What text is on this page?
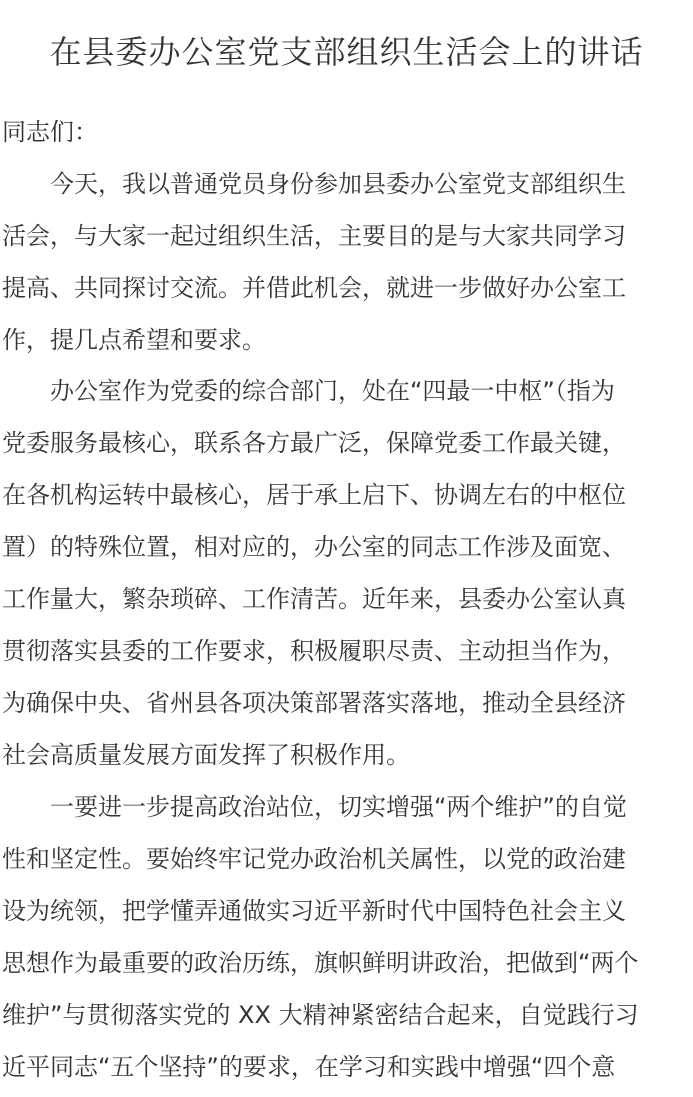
在县委办公室党支部组织生活会上的讲话
同志们：
　　今天，我以普通党员身份参加县委办公室党支部组织生
活会，与大家一起过组织生活，主要目的是与大家共同学习
提高、共同探讨交流。并借此机会，就进一步做好办公室工
作，提几点希望和要求。
　　办公室作为党委的综合部门，处在“四最一中枢”（指为
党委服务最核心，联系各方最广泛，保障党委工作最关键，
在各机构运转中最核心，居于承上启下、协调左右的中枢位
置）的特殊位置，相对应的，办公室的同志工作涉及面宽、
工作量大，繁杂琐碎、工作清苦。近年来，县委办公室认真
贯彻落实县委的工作要求，积极履职尽责、主动担当作为，
为确保中央、省州县各项决策部署落实落地，推动全县经济
社会高质量发展方面发挥了积极作用。
　　一要进一步提高政治站位，切实增强“两个维护”的自觉
性和坚定性。要始终牢记党办政治机关属性，以党的政治建
设为统领，把学懂弄通做实习近平新时代中国特色社会主义
思想作为最重要的政治历练，旗帜鲜明讲政治，把做到“两个
维护”与贯彻落实党的 XX 大精神紧密结合起来，自觉践行习
近平同志“五个坚持”的要求，在学习和实践中增强“四个意
